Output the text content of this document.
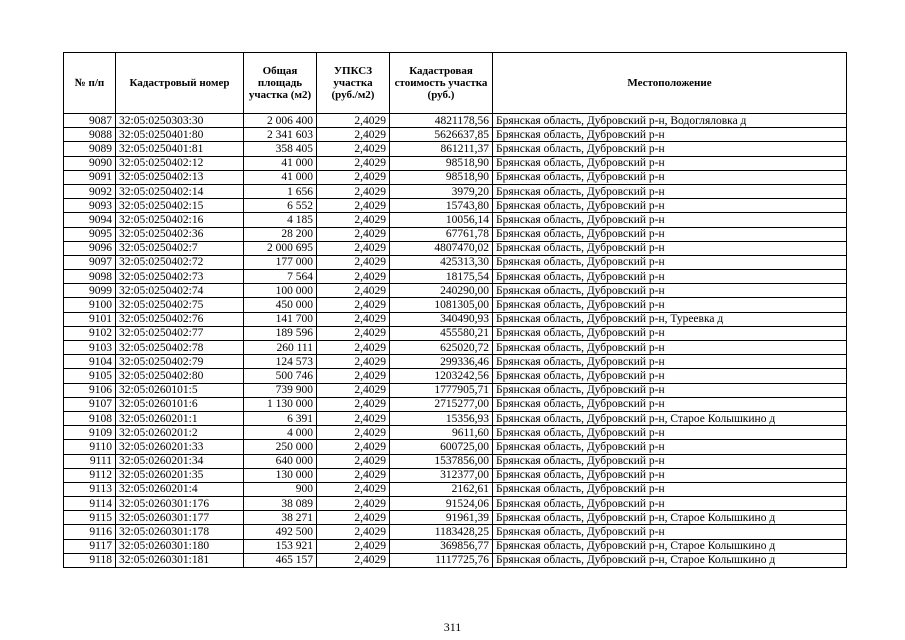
№ п/п	Кадастровый номер	Общая площадь участка (м2)	УПКСЗ участка (руб./м2)	Кадастровая стоимость участка (руб.)	Местоположение
9087	32:05:0250303:30	2 006 400	2,4029	4821178,56	Брянская область, Дубровский р-н, Водогляловка д
9088	32:05:0250401:80	2 341 603	2,4029	5626637,85	Брянская область, Дубровский р-н
9089	32:05:0250401:81	358 405	2,4029	861211,37	Брянская область, Дубровский р-н
9090	32:05:0250402:12	41 000	2,4029	98518,90	Брянская область, Дубровский р-н
9091	32:05:0250402:13	41 000	2,4029	98518,90	Брянская область, Дубровский р-н
9092	32:05:0250402:14	1 656	2,4029	3979,20	Брянская область, Дубровский р-н
9093	32:05:0250402:15	6 552	2,4029	15743,80	Брянская область, Дубровский р-н
9094	32:05:0250402:16	4 185	2,4029	10056,14	Брянская область, Дубровский р-н
9095	32:05:0250402:36	28 200	2,4029	67761,78	Брянская область, Дубровский р-н
9096	32:05:0250402:7	2 000 695	2,4029	4807470,02	Брянская область, Дубровский р-н
9097	32:05:0250402:72	177 000	2,4029	425313,30	Брянская область, Дубровский р-н
9098	32:05:0250402:73	7 564	2,4029	18175,54	Брянская область, Дубровский р-н
9099	32:05:0250402:74	100 000	2,4029	240290,00	Брянская область, Дубровский р-н
9100	32:05:0250402:75	450 000	2,4029	1081305,00	Брянская область, Дубровский р-н
9101	32:05:0250402:76	141 700	2,4029	340490,93	Брянская область, Дубровский р-н, Туреевка д
9102	32:05:0250402:77	189 596	2,4029	455580,21	Брянская область, Дубровский р-н
9103	32:05:0250402:78	260 111	2,4029	625020,72	Брянская область, Дубровский р-н
9104	32:05:0250402:79	124 573	2,4029	299336,46	Брянская область, Дубровский р-н
9105	32:05:0250402:80	500 746	2,4029	1203242,56	Брянская область, Дубровский р-н
9106	32:05:0260101:5	739 900	2,4029	1777905,71	Брянская область, Дубровский р-н
9107	32:05:0260101:6	1 130 000	2,4029	2715277,00	Брянская область, Дубровский р-н
9108	32:05:0260201:1	6 391	2,4029	15356,93	Брянская область, Дубровский р-н, Старое Колышкино д
9109	32:05:0260201:2	4 000	2,4029	9611,60	Брянская область, Дубровский р-н
9110	32:05:0260201:33	250 000	2,4029	600725,00	Брянская область, Дубровский р-н
9111	32:05:0260201:34	640 000	2,4029	1537856,00	Брянская область, Дубровский р-н
9112	32:05:0260201:35	130 000	2,4029	312377,00	Брянская область, Дубровский р-н
9113	32:05:0260201:4	900	2,4029	2162,61	Брянская область, Дубровский р-н
9114	32:05:0260301:176	38 089	2,4029	91524,06	Брянская область, Дубровский р-н
9115	32:05:0260301:177	38 271	2,4029	91961,39	Брянская область, Дубровский р-н, Старое Колышкино д
9116	32:05:0260301:178	492 500	2,4029	1183428,25	Брянская область, Дубровский р-н
9117	32:05:0260301:180	153 921	2,4029	369856,77	Брянская область, Дубровский р-н, Старое Колышкино д
9118	32:05:0260301:181	465 157	2,4029	1117725,76	Брянская область, Дубровский р-н, Старое Колышкино д
311
